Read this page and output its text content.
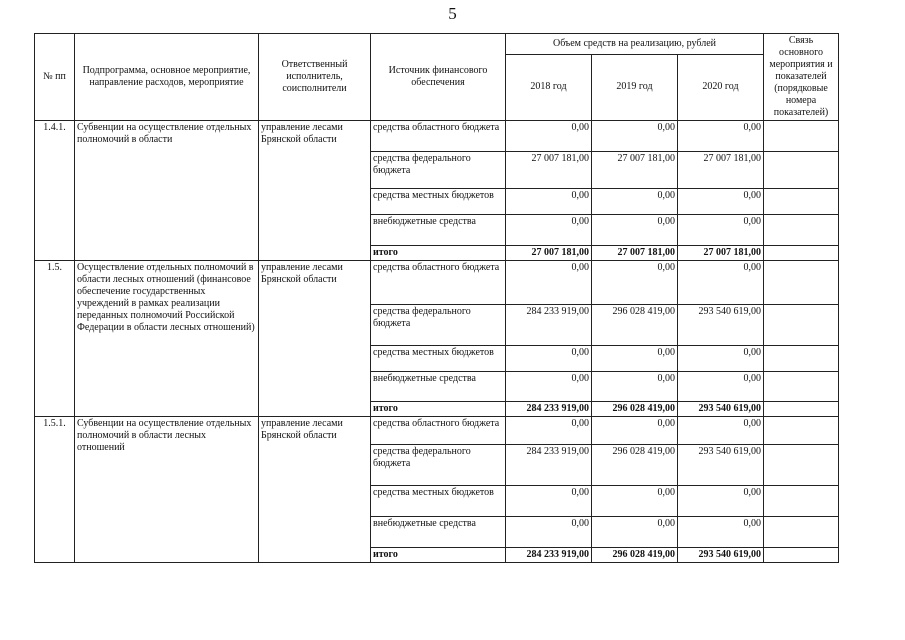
5
№ пп	Подпрограмма, основное мероприятие, направление расходов, мероприятие	Ответственный исполнитель, соисполнители	Источник финансового обеспечения	Объем средств на реализацию, рублей			Связь основного мероприятия и показателей (порядковые номера показателей)
				2018 год	2019 год	2020 год	
1.4.1.	Субвенции на осуществление отдельных полномочий в области	управление лесами Брянской области	средства областного бюджета	0,00	0,00	0,00	
			средства федерального бюджета	27 007 181,00	27 007 181,00	27 007 181,00	
			средства местных бюджетов	0,00	0,00	0,00	
			внебюджетные средства	0,00	0,00	0,00	
			итого	27 007 181,00	27 007 181,00	27 007 181,00	
1.5.	Осуществление отдельных полномочий в области лесных отношений (финансовое обеспечение государственных учреждений в рамках реализации переданных полномочий Российской Федерации в области лесных отношений)	управление лесами Брянской области	средства областного бюджета	0,00	0,00	0,00	
			средства федерального бюджета	284 233 919,00	296 028 419,00	293 540 619,00	
			средства местных бюджетов	0,00	0,00	0,00	
			внебюджетные средства	0,00	0,00	0,00	
			итого	284 233 919,00	296 028 419,00	293 540 619,00	
1.5.1.	Субвенции на осуществление отдельных полномочий в области лесных отношений	управление лесами Брянской области	средства областного бюджета	0,00	0,00	0,00	
			средства федерального бюджета	284 233 919,00	296 028 419,00	293 540 619,00	
			средства местных бюджетов	0,00	0,00	0,00	
			внебюджетные средства	0,00	0,00	0,00	
			итого	284 233 919,00	296 028 419,00	293 540 619,00	
